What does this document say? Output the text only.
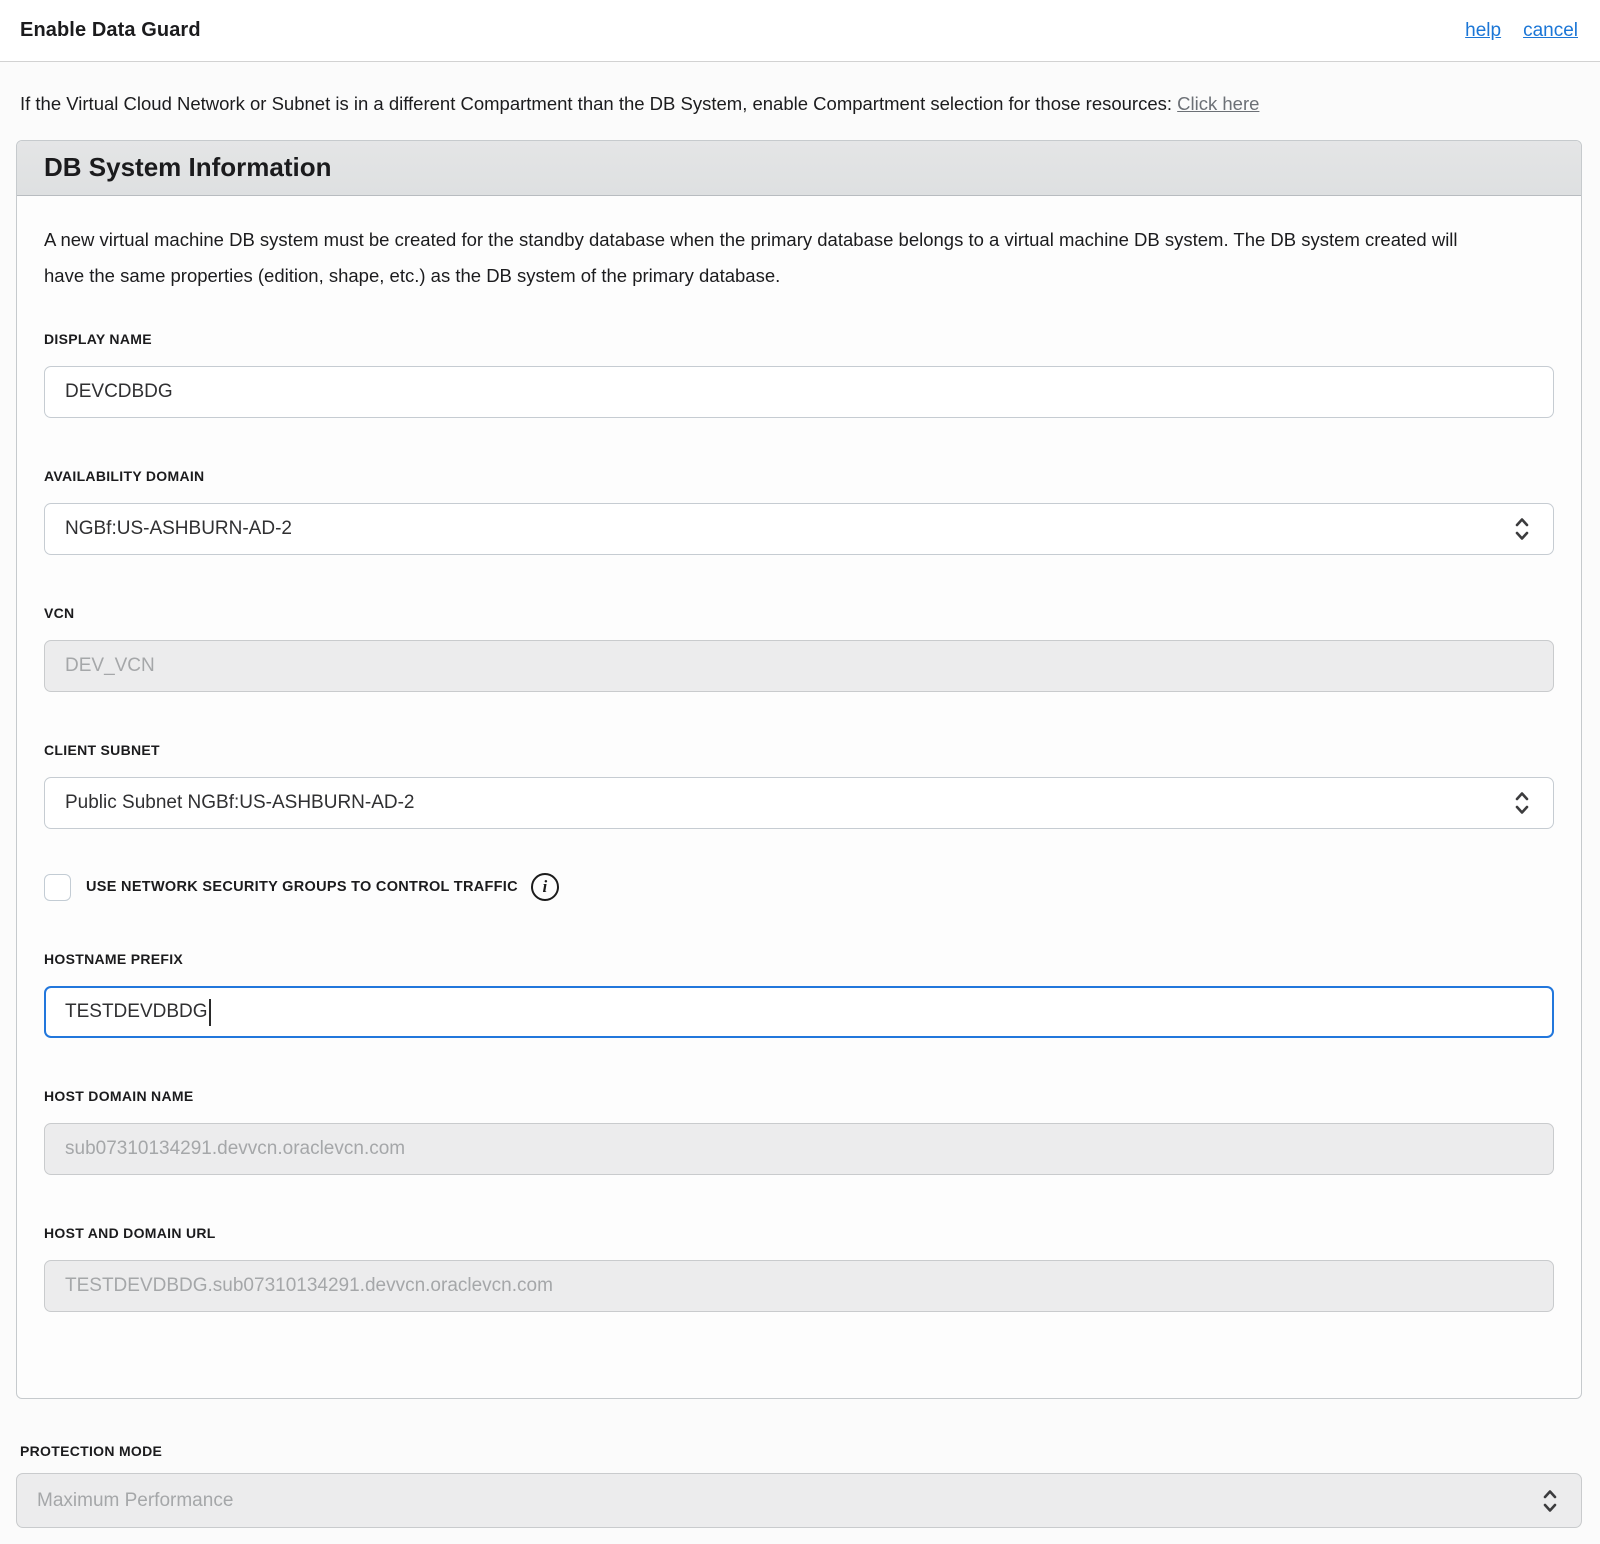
Enable Data Guard	help cancel

If the Virtual Cloud Network or Subnet is in a different Compartment than the DB System, enable Compartment selection for those resources: Click here

DB System Information

A new virtual machine DB system must be created for the standby database when the primary database belongs to a virtual machine DB system. The DB system created will have the same properties (edition, shape, etc.) as the DB system of the primary database.

DISPLAY NAME
DEVCDBDG
AVAILABILITY DOMAIN
NGBf:US-ASHBURN-AD-2
VCN
DEV_VCN
CLIENT SUBNET
Public Subnet NGBf:US-ASHBURN-AD-2
USE NETWORK SECURITY GROUPS TO CONTROL TRAFFIC	i
HOSTNAME PREFIX
TESTDEVDBDG
HOST DOMAIN NAME
sub07310134291.devvcn.oraclevcn.com
HOST AND DOMAIN URL
TESTDEVDBDG.sub07310134291.devvcn.oraclevcn.com
PROTECTION MODE
Maximum Performance
